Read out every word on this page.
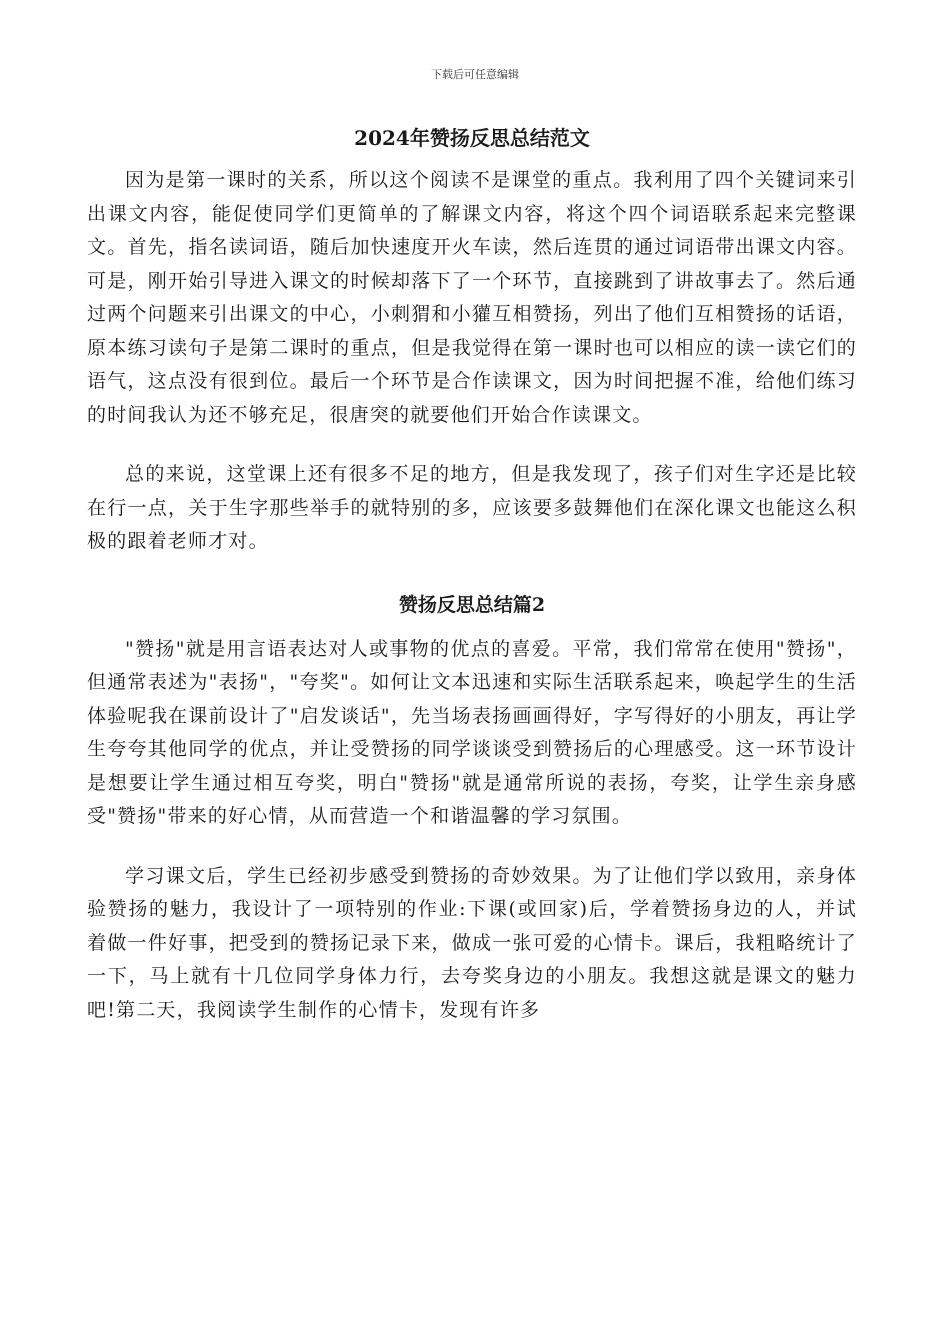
下载后可任意编辑
2024年赞扬反思总结范文

因为是第一课时的关系，所以这个阅读不是课堂的重点。我利用了四个关键词来引出课文内容，能促使同学们更简单的了解课文内容，将这个四个词语联系起来完整课文。首先，指名读词语，随后加快速度开火车读，然后连贯的通过词语带出课文内容。可是，刚开始引导进入课文的时候却落下了一个环节，直接跳到了讲故事去了。然后通过两个问题来引出课文的中心，小刺猬和小獾互相赞扬，列出了他们互相赞扬的话语，原本练习读句子是第二课时的重点，但是我觉得在第一课时也可以相应的读一读它们的语气，这点没有很到位。最后一个环节是合作读课文，因为时间把握不准，给他们练习的时间我认为还不够充足，很唐突的就要他们开始合作读课文。

总的来说，这堂课上还有很多不足的地方，但是我发现了，孩子们对生字还是比较在行一点，关于生字那些举手的就特别的多，应该要多鼓舞他们在深化课文也能这么积极的跟着老师才对。

赞扬反思总结篇2

"赞扬"就是用言语表达对人或事物的优点的喜爱。平常，我们常常在使用"赞扬"，但通常表述为"表扬"，"夸奖"。如何让文本迅速和实际生活联系起来，唤起学生的生活体验呢我在课前设计了"启发谈话"，先当场表扬画画得好，字写得好的小朋友，再让学生夸夸其他同学的优点，并让受赞扬的同学谈谈受到赞扬后的心理感受。这一环节设计是想要让学生通过相互夸奖，明白"赞扬"就是通常所说的表扬，夸奖，让学生亲身感受"赞扬"带来的好心情，从而营造一个和谐温馨的学习氛围。

学习课文后，学生已经初步感受到赞扬的奇妙效果。为了让他们学以致用，亲身体验赞扬的魅力，我设计了一项特别的作业:下课(或回家)后，学着赞扬身边的人，并试着做一件好事，把受到的赞扬记录下来，做成一张可爱的心情卡。课后，我粗略统计了一下，马上就有十几位同学身体力行，去夸奖身边的小朋友。我想这就是课文的魅力吧!第二天，我阅读学生制作的心情卡，发现有许多
